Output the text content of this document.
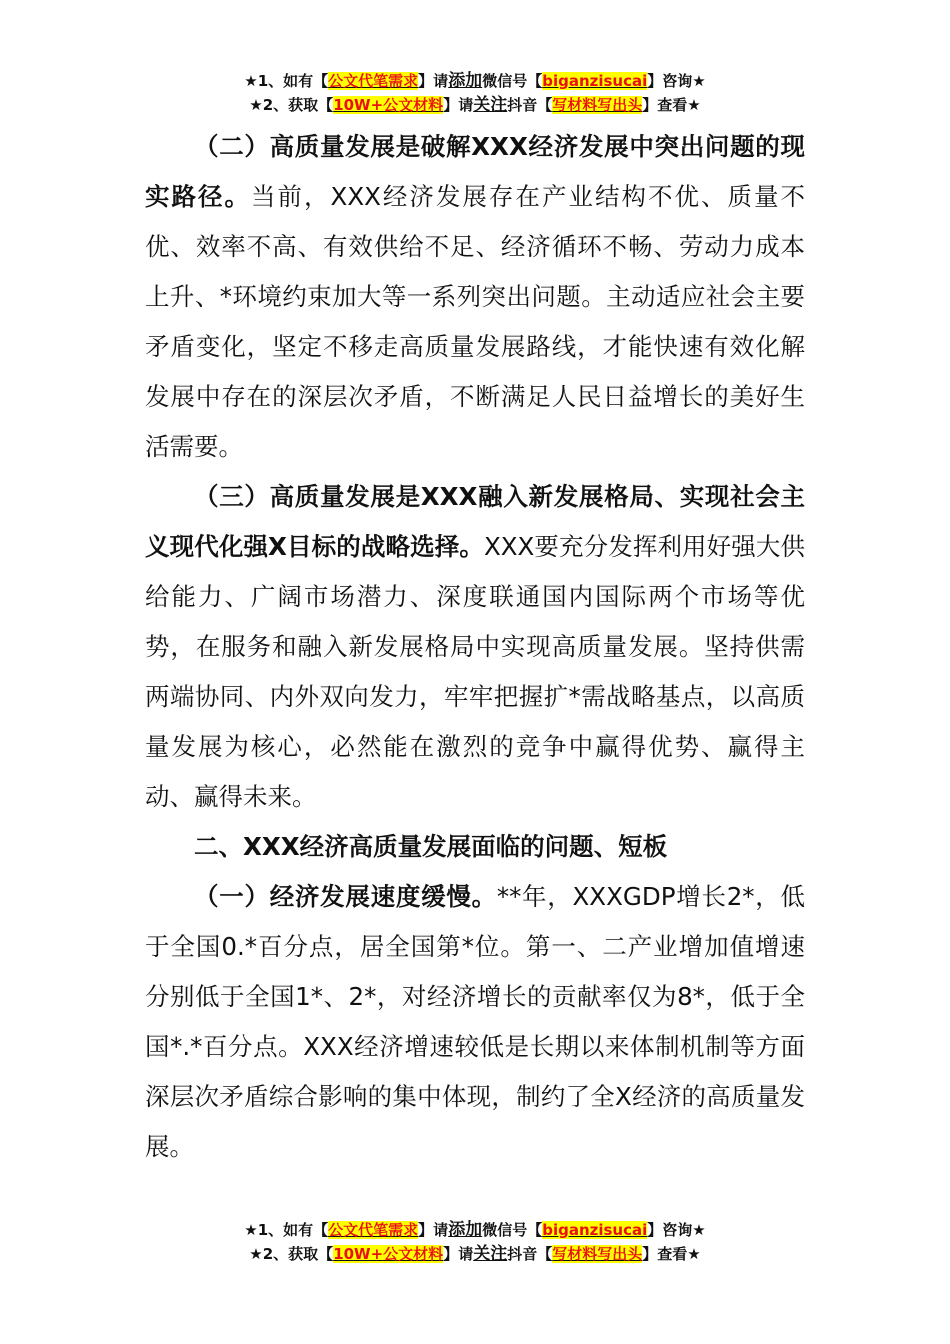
★1、如有【公文代笔需求】请添加微信号【biganzisucai】咨询★
★2、获取【10W+公文材料】请关注抖音【写材料写出头】查看★

（二）高质量发展是破解XXX经济发展中突出问题的现实路径。当前，XXX经济发展存在产业结构不优、质量不优、效率不高、有效供给不足、经济循环不畅、劳动力成本上升、*环境约束加大等一系列突出问题。主动适应社会主要矛盾变化，坚定不移走高质量发展路线，才能快速有效化解发展中存在的深层次矛盾，不断满足人民日益增长的美好生活需要。

（三）高质量发展是XXX融入新发展格局、实现社会主义现代化强X目标的战略选择。XXX要充分发挥利用好强大供给能力、广阔市场潜力、深度联通国内国际两个市场等优势，在服务和融入新发展格局中实现高质量发展。坚持供需两端协同、内外双向发力，牢牢把握扩*需战略基点，以高质量发展为核心，必然能在激烈的竞争中赢得优势、赢得主动、赢得未来。

二、XXX经济高质量发展面临的问题、短板

（一）经济发展速度缓慢。**年，XXXGDP增长2*，低于全国0.*百分点，居全国第*位。第一、二产业增加值增速分别低于全国1*、2*，对经济增长的贡献率仅为8*，低于全国*.*百分点。XXX经济增速较低是长期以来体制机制等方面深层次矛盾综合影响的集中体现，制约了全X经济的高质量发展。

★1、如有【公文代笔需求】请添加微信号【biganzisucai】咨询★
★2、获取【10W+公文材料】请关注抖音【写材料写出头】查看★
